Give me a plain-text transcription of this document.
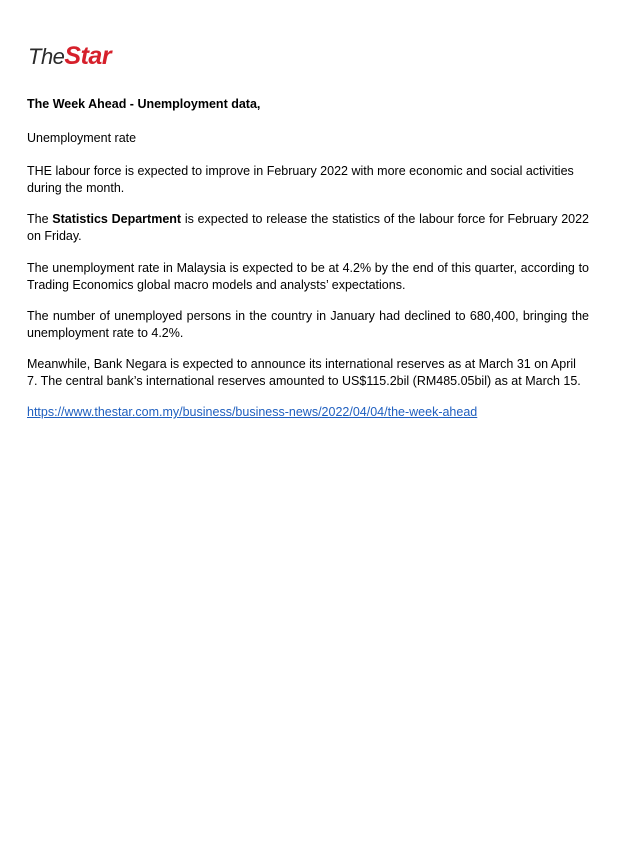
TheStar

The Week Ahead - Unemployment data,

Unemployment rate

THE labour force is expected to improve in February 2022 with more economic and social activities during the month.

The Statistics Department is expected to release the statistics of the labour force for February 2022 on Friday.

The unemployment rate in Malaysia is expected to be at 4.2% by the end of this quarter, according to Trading Economics global macro models and analysts’ expectations.

The number of unemployed persons in the country in January had declined to 680,400, bringing the unemployment rate to 4.2%.

Meanwhile, Bank Negara is expected to announce its international reserves as at March 31 on April 7. The central bank’s international reserves amounted to US$115.2bil (RM485.05bil) as at March 15.

https://www.thestar.com.my/business/business-news/2022/04/04/the-week-ahead
